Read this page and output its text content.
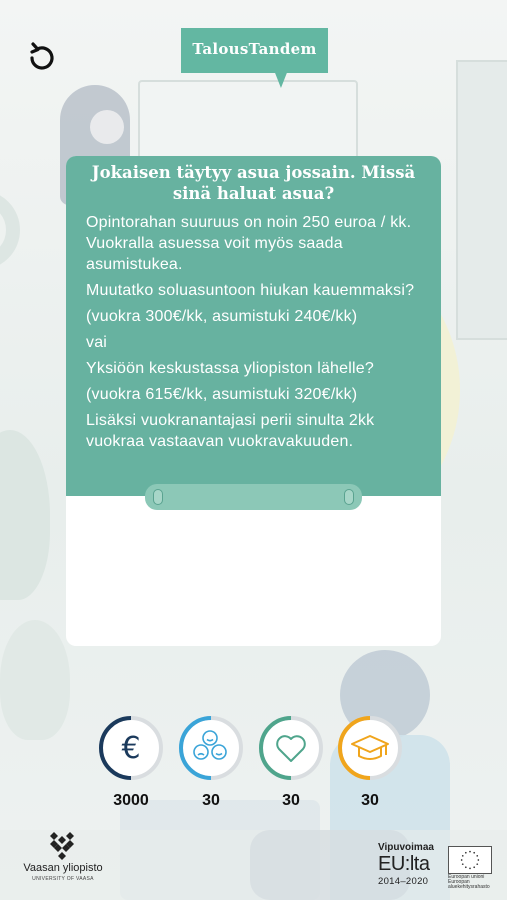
TalousTandem
Jokaisen täytyy asua jossain. Missä sinä haluat asua?

Opintorahan suuruus on noin 250 euroa / kk. Vuokralla asuessa voit myös saada asumistukea.

Muutatko soluasuntoon hiukan kauemmaksi?

(vuokra 300€/kk, asumistuki 240€/kk)

vai

Yksiöön keskustassa yliopiston lähelle?

(vuokra 615€/kk, asumistuki 320€/kk)

Lisäksi vuokranantajasi perii sinulta 2kk vuokraa vastaavan vuokravakuuden.

€
3000	30	30	30
Vaasan yliopisto
UNIVERSITY OF VAASA
Vipuvoimaa
EU:lta
2014–2020	Euroopan unioni Euroopan aluekehitysrahasto
